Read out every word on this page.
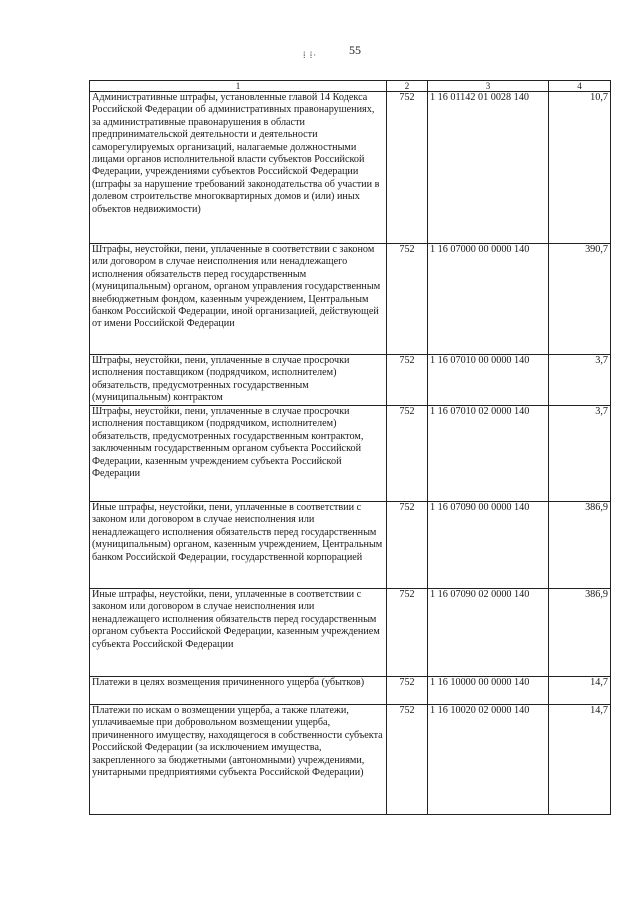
55
⁞ ⁞·
1	2	3	4
Административные штрафы, установленные главой 14 Кодекса Российской Федерации об административных правонарушениях, за административные правонарушения в области предпринимательской деятельности и деятельности саморегулируемых организаций, налагаемые должностными лицами органов исполнительной власти субъектов Российской Федерации, учреждениями субъектов Российской Федерации (штрафы за нарушение требований законодательства об участии в долевом строительстве многоквартирных домов и (или) иных объектов недвижимости)	752	1 16 01142 01 0028 140	10,7
Штрафы, неустойки, пени, уплаченные в соответствии с законом или договором в случае неисполнения или ненадлежащего исполнения обязательств перед государственным (муниципальным) органом, органом управления государственным внебюджетным фондом, казенным учреждением, Центральным банком Российской Федерации, иной организацией, действующей от имени Российской Федерации	752	1 16 07000 00 0000 140	390,7
Штрафы, неустойки, пени, уплаченные в случае просрочки исполнения поставщиком (подрядчиком, исполнителем) обязательств, предусмотренных государственным (муниципальным) контрактом	752	1 16 07010 00 0000 140	3,7
Штрафы, неустойки, пени, уплаченные в случае просрочки исполнения поставщиком (подрядчиком, исполнителем) обязательств, предусмотренных государственным контрактом, заключенным государственным органом субъекта Российской Федерации, казенным учреждением субъекта Российской Федерации	752	1 16 07010 02 0000 140	3,7
Иные штрафы, неустойки, пени, уплаченные в соответствии с законом или договором в случае неисполнения или ненадлежащего исполнения обязательств перед государственным (муниципальным) органом, казенным учреждением, Центральным банком Российской Федерации, государственной корпорацией	752	1 16 07090 00 0000 140	386,9
Иные штрафы, неустойки, пени, уплаченные в соответствии с законом или договором в случае неисполнения или ненадлежащего исполнения обязательств перед государственным органом субъекта Российской Федерации, казенным учреждением субъекта Российской Федерации	752	1 16 07090 02 0000 140	386,9
Платежи в целях возмещения причиненного ущерба (убытков)	752	1 16 10000 00 0000 140	14,7
Платежи по искам о возмещении ущерба, а также платежи, уплачиваемые при добровольном возмещении ущерба, причиненного имуществу, находящегося в собственности субъекта Российской Федерации (за исключением имущества, закрепленного за бюджетными (автономными) учреждениями, унитарными предприятиями субъекта Российской Федерации)	752	1 16 10020 02 0000 140	14,7
